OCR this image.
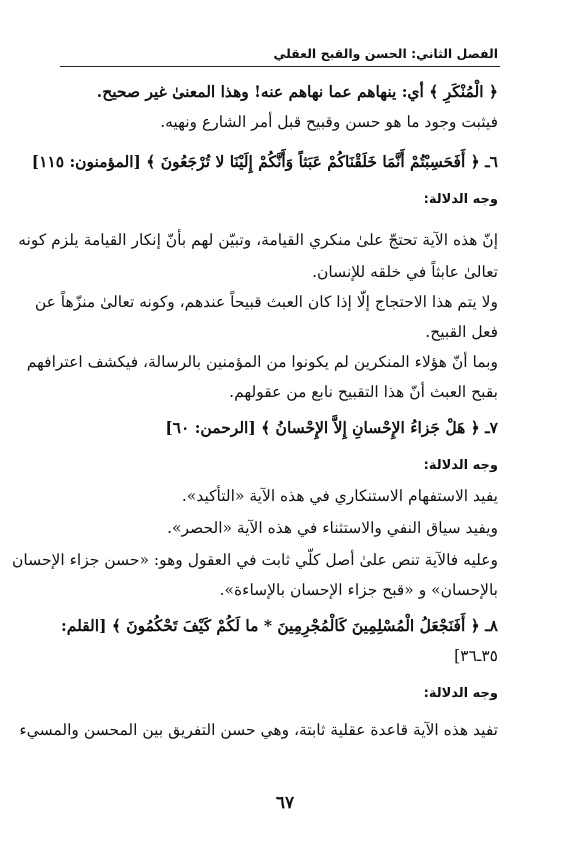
الفصل الثاني: الحسن والقبح العقلي
﴿ الْمُنْكَرِ ﴾ أي: ينهاهم عما نهاهم عنه! وهذا المعنىٰ غير صحيح.
فيثبت وجود ما هو حسن وقبيح قبل أمر الشارع ونهيه.
٦ـ ﴿ أَفَحَسِبْتُمْ أَنَّمَا خَلَقْنَاكُمْ عَبَثاً وَأَنَّكُمْ إِلَيْنَا لا تُرْجَعُونَ ﴾ [المؤمنون: ١١٥]
وجه الدلالة:
إنّ هذه الآية تحتجّ علىٰ منكري القيامة، وتبيّن لهم بأنّ إنكار القيامة يلزم كونه
تعالىٰ عابثاً في خلقه للإنسان.
ولا يتم هذا الاحتجاج إلّا إذا كان العبث قبيحاً عندهم، وكونه تعالىٰ منزّهاً عن
فعل القبيح.
وبما أنّ هؤلاء المنكرين لم يكونوا من المؤمنين بالرسالة، فيكشف اعترافهم
بقبح العبث أنّ هذا التقبيح نابع من عقولهم.
٧ـ ﴿ هَلْ جَزاءُ الإِحْسانِ إِلاَّ الإِحْسانُ ﴾ [الرحمن: ٦٠]
وجه الدلالة:
يفيد الاستفهام الاستنكاري في هذه الآية «التأكيد».
ويفيد سياق النفي والاستثناء في هذه الآية «الحصر».
وعليه فالآية تنص علىٰ أصل كلّي ثابت في العقول وهو: «حسن جزاء الإحسان
بالإحسان» و «قبح جزاء الإحسان بالإساءة».
٨ـ ﴿ أَفَنَجْعَلُ الْمُسْلِمِينَ كَالْمُجْرِمِينَ * ما لَكُمْ كَيْفَ تَحْكُمُونَ ﴾ [القلم:
٣٥ـ٣٦]
وجه الدلالة:
تفيد هذه الآية قاعدة عقلية ثابتة، وهي حسن التفريق بين المحسن والمسيء
٦٧
